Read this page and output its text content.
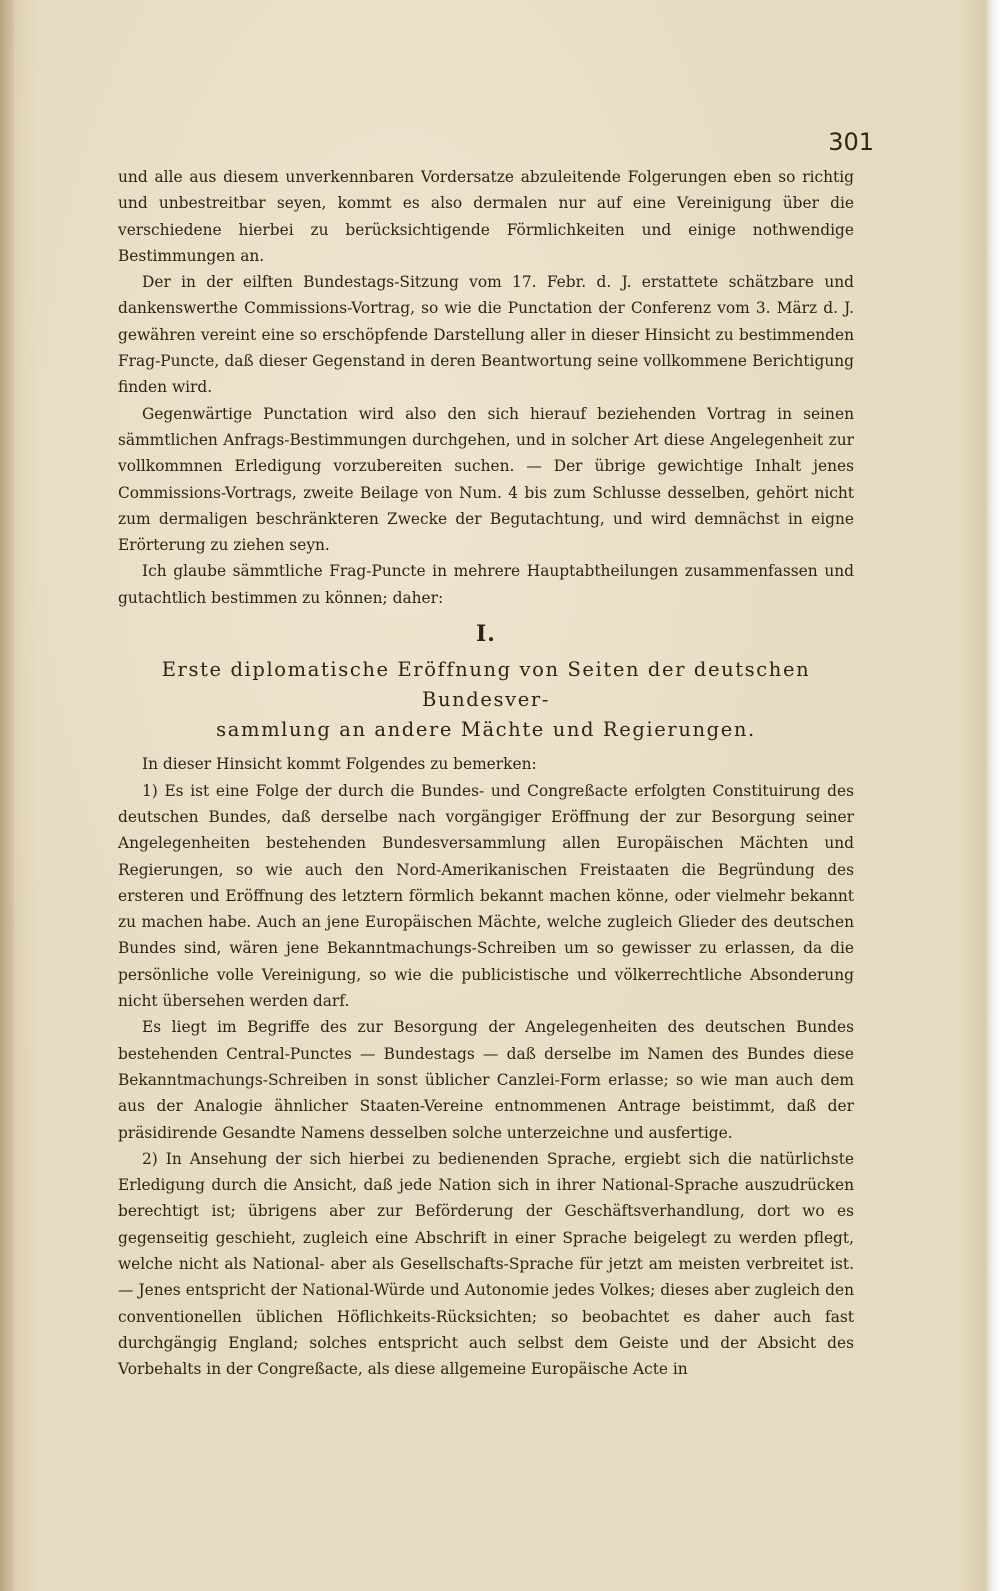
301

und alle aus diesem unverkennbaren Vordersatze abzuleitende Folgerungen eben so richtig und unbestreitbar seyen, kommt es also dermalen nur auf eine Vereinigung über die verschiedene hierbei zu berücksichtigende Förmlichkeiten und einige nothwendige Bestimmungen an.

Der in der eilften Bundestags-Sitzung vom 17. Febr. d. J. erstattete schätzbare und dankenswerthe Commissions-Vortrag, so wie die Punctation der Conferenz vom 3. März d. J. gewähren vereint eine so erschöpfende Darstellung aller in dieser Hinsicht zu bestimmenden Frag-Puncte, daß dieser Gegenstand in deren Beantwortung seine vollkommene Berichtigung finden wird.

Gegenwärtige Punctation wird also den sich hierauf beziehenden Vortrag in seinen sämmtlichen Anfrags-Bestimmungen durchgehen, und in solcher Art diese Angelegenheit zur vollkommnen Erledigung vorzubereiten suchen. — Der übrige gewichtige Inhalt jenes Commissions-Vortrags, zweite Beilage von Num. 4 bis zum Schlusse desselben, gehört nicht zum dermaligen beschränkteren Zwecke der Begutachtung, und wird demnächst in eigne Erörterung zu ziehen seyn.

Ich glaube sämmtliche Frag-Puncte in mehrere Hauptabtheilungen zusammenfassen und gutachtlich bestimmen zu können; daher:

I.
Erste diplomatische Eröffnung von Seiten der deutschen Bundesver-
sammlung an andere Mächte und Regierungen.

In dieser Hinsicht kommt Folgendes zu bemerken:

1) Es ist eine Folge der durch die Bundes- und Congreßacte erfolgten Constituirung des deutschen Bundes, daß derselbe nach vorgängiger Eröffnung der zur Besorgung seiner Angelegenheiten bestehenden Bundesversammlung allen Europäischen Mächten und Regierungen, so wie auch den Nord-Amerikanischen Freistaaten die Begründung des ersteren und Eröffnung des letztern förmlich bekannt machen könne, oder vielmehr bekannt zu machen habe. Auch an jene Europäischen Mächte, welche zugleich Glieder des deutschen Bundes sind, wären jene Bekanntmachungs-Schreiben um so gewisser zu erlassen, da die persönliche volle Vereinigung, so wie die publicistische und völkerrechtliche Absonderung nicht übersehen werden darf.

Es liegt im Begriffe des zur Besorgung der Angelegenheiten des deutschen Bundes bestehenden Central-Punctes — Bundestags — daß derselbe im Namen des Bundes diese Bekanntmachungs-Schreiben in sonst üblicher Canzlei-Form erlasse; so wie man auch dem aus der Analogie ähnlicher Staaten-Vereine entnommenen Antrage beistimmt, daß der präsidirende Gesandte Namens desselben solche unterzeichne und ausfertige.

2) In Ansehung der sich hierbei zu bedienenden Sprache, ergiebt sich die natürlichste Erledigung durch die Ansicht, daß jede Nation sich in ihrer National-Sprache auszudrücken berechtigt ist; übrigens aber zur Beförderung der Geschäftsverhandlung, dort wo es gegenseitig geschieht, zugleich eine Abschrift in einer Sprache beigelegt zu werden pflegt, welche nicht als National- aber als Gesellschafts-Sprache für jetzt am meisten verbreitet ist. — Jenes entspricht der National-Würde und Autonomie jedes Volkes; dieses aber zugleich den conventionellen üblichen Höflichkeits-Rücksichten; so beobachtet es daher auch fast durchgängig England; solches entspricht auch selbst dem Geiste und der Absicht des Vorbehalts in der Congreßacte, als diese allgemeine Europäische Acte in
